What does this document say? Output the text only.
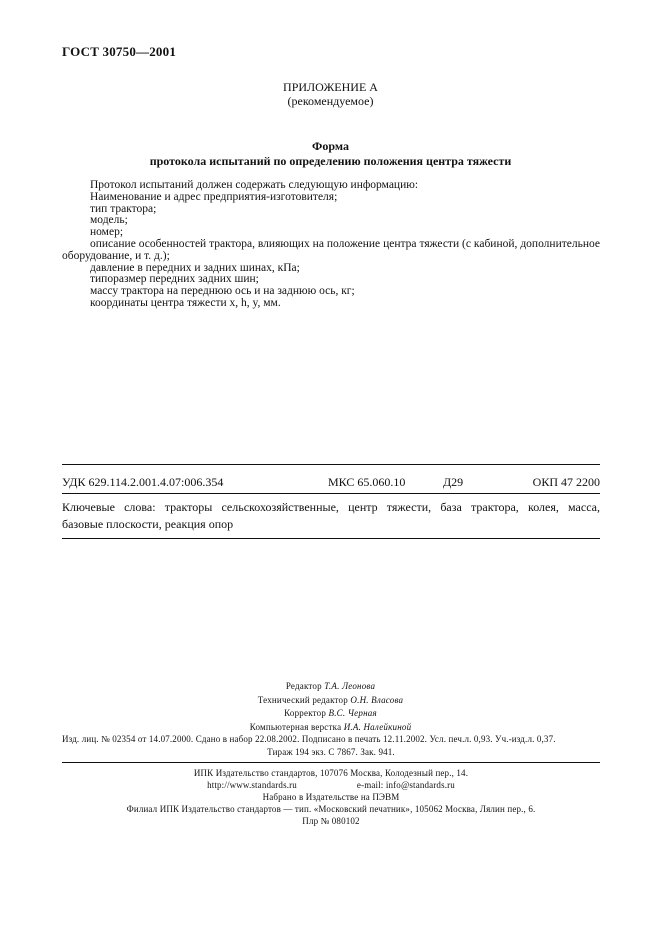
ГОСТ 30750—2001
ПРИЛОЖЕНИЕ А
(рекомендуемое)
Форма
протокола испытаний по определению положения центра тяжести
Протокол испытаний должен содержать следующую информацию:
Наименование и адрес предприятия-изготовителя;
тип трактора;
модель;
номер;
описание особенностей трактора, влияющих на положение центра тяжести (с кабиной, дополнительное
оборудование, и т. д.);
давление в передних и задних шинах, кПа;
типоразмер передних задних шин;
массу трактора на переднюю ось и на заднюю ось, кг;
координаты центра тяжести x, h, y, мм.
УДК 629.114.2.001.4.07:006.354	МКС 65.060.10	Д29	ОКП 47 2200
Ключевые слова: тракторы сельскохозяйственные, центр тяжести, база трактора, колея, масса,
базовые плоскости, реакция опор
Редактор Т.А. Леонова
Технический редактор О.Н. Власова
Корректор В.С. Черная
Компьютерная верстка И.А. Налейкиной
Изд. лиц. № 02354 от 14.07.2000. Сдано в набор 22.08.2002. Подписано в печать 12.11.2002. Усл. печ.л. 0,93. Уч.-изд.л. 0,37.
Тираж 194 экз. С 7867. Зак. 941.
ИПК Издательство стандартов, 107076 Москва, Колодезный пер., 14.
http://www.standards.ru	e-mail: info@standards.ru
Набрано в Издательстве на ПЭВМ
Филиал ИПК Издательство стандартов — тип. «Московский печатник», 105062 Москва, Лялин пер., 6.
Плр № 080102
